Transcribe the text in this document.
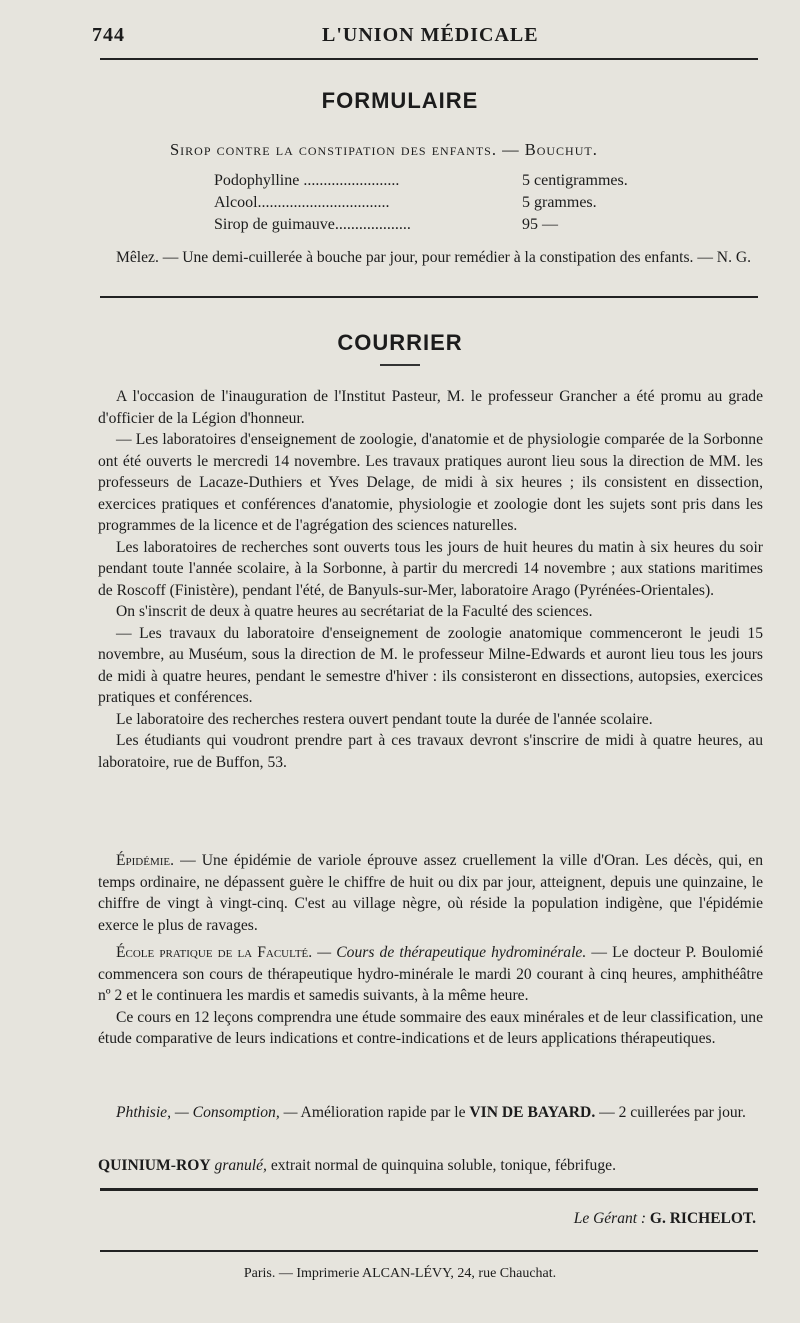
744	L'UNION MÉDICALE
FORMULAIRE
Sirop contre la constipation des enfants. — Bouchut.
Podophylline ........................	5 centigrammes.
Alcool.................................	5 grammes.
Sirop de guimauve...................	95 —

Mêlez. — Une demi-cuillerée à bouche par jour, pour remédier à la constipation des enfants. — N. G.

COURRIER

A l'occasion de l'inauguration de l'Institut Pasteur, M. le professeur Grancher a été promu au grade d'officier de la Légion d'honneur.

— Les laboratoires d'enseignement de zoologie, d'anatomie et de physiologie comparée de la Sorbonne ont été ouverts le mercredi 14 novembre. Les travaux pratiques auront lieu sous la direction de MM. les professeurs de Lacaze-Duthiers et Yves Delage, de midi à six heures ; ils consistent en dissection, exercices pratiques et conférences d'anatomie, physiologie et zoologie dont les sujets sont pris dans les programmes de la licence et de l'agrégation des sciences naturelles.

Les laboratoires de recherches sont ouverts tous les jours de huit heures du matin à six heures du soir pendant toute l'année scolaire, à la Sorbonne, à partir du mercredi 14 novembre ; aux stations maritimes de Roscoff (Finistère), pendant l'été, de Banyuls-sur-Mer, laboratoire Arago (Pyrénées-Orientales).

On s'inscrit de deux à quatre heures au secrétariat de la Faculté des sciences.

— Les travaux du laboratoire d'enseignement de zoologie anatomique commenceront le jeudi 15 novembre, au Muséum, sous la direction de M. le professeur Milne-Edwards et auront lieu tous les jours de midi à quatre heures, pendant le semestre d'hiver : ils consisteront en dissections, autopsies, exercices pratiques et conférences.

Le laboratoire des recherches restera ouvert pendant toute la durée de l'année scolaire.

Les étudiants qui voudront prendre part à ces travaux devront s'inscrire de midi à quatre heures, au laboratoire, rue de Buffon, 53.

Épidémie. — Une épidémie de variole éprouve assez cruellement la ville d'Oran. Les décès, qui, en temps ordinaire, ne dépassent guère le chiffre de huit ou dix par jour, atteignent, depuis une quinzaine, le chiffre de vingt à vingt-cinq. C'est au village nègre, où réside la population indigène, que l'épidémie exerce le plus de ravages.

École pratique de la Faculté. — Cours de thérapeutique hydrominérale. — Le docteur P. Boulomié commencera son cours de thérapeutique hydro-minérale le mardi 20 courant à cinq heures, amphithéâtre nº 2 et le continuera les mardis et samedis suivants, à la même heure.

Ce cours en 12 leçons comprendra une étude sommaire des eaux minérales et de leur classification, une étude comparative de leurs indications et contre-indications et de leurs applications thérapeutiques.

Phthisie, — Consomption, — Amélioration rapide par le VIN DE BAYARD. — 2 cuillerées par jour.

QUINIUM-ROY granulé, extrait normal de quinquina soluble, tonique, fébrifuge.

Le Gérant : G. RICHELOT.
Paris. — Imprimerie ALCAN-LÉVY, 24, rue Chauchat.
